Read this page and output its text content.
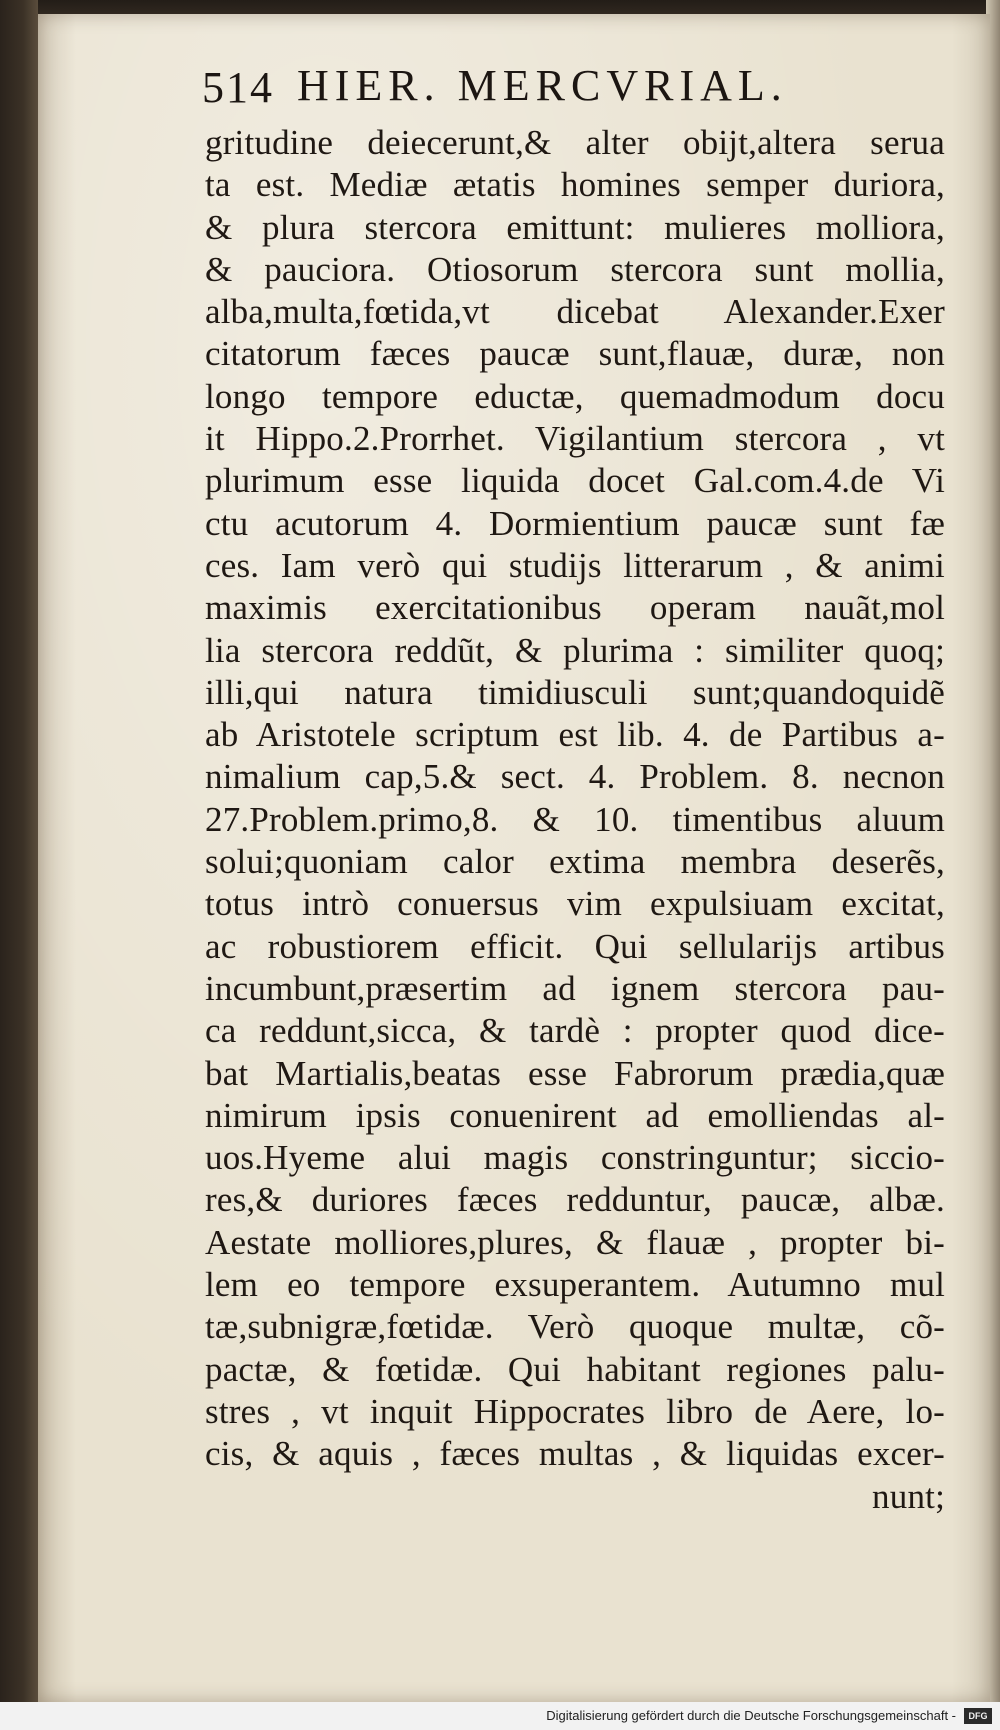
514 HIER. MERCVRIAL.
gritudine deiecerunt,& alter obijt,altera serua
ta est. Mediæ ætatis homines semper duriora,
& plura stercora emittunt: mulieres molliora,
& pauciora. Otiosorum stercora sunt mollia,
alba,multa,fœtida,vt dicebat Alexander.Exer
citatorum fæces paucæ sunt,flauæ, duræ, non
longo tempore eductæ, quemadmodum docu
it Hippo.2.Prorrhet. Vigilantium stercora , vt
plurimum esse liquida docet Gal.com.4.de Vi
ctu acutorum 4. Dormientium paucæ sunt fæ
ces. Iam verò qui studijs litterarum , & animi
maximis exercitationibus operam nauãt,mol
lia stercora reddũt, & plurima : similiter quoq;
illi,qui natura timidiusculi sunt;quandoquidẽ
ab Aristotele scriptum est lib. 4. de Partibus a-
nimalium cap,5.& sect. 4. Problem. 8. necnon
27.Problem.primo,8. & 10. timentibus aluum
solui;quoniam calor extima membra deserẽs,
totus intrò conuersus vim expulsiuam excitat,
ac robustiorem efficit. Qui sellularijs artibus
incumbunt,præsertim ad ignem stercora pau-
ca reddunt,sicca, & tardè : propter quod dice-
bat Martialis,beatas esse Fabrorum prædia,quæ
nimirum ipsis conuenirent ad emolliendas al-
uos.Hyeme alui magis constringuntur; siccio-
res,& duriores fæces redduntur, paucæ, albæ.
Aestate molliores,plures, & flauæ , propter bi-
lem eo tempore exsuperantem. Autumno mul
tæ,subnigræ,fœtidæ. Verò quoque multæ, cõ-
pactæ, & fœtidæ. Qui habitant regiones palu-
stres , vt inquit Hippocrates libro de Aere, lo-
cis, & aquis , fæces multas , & liquidas excer-
nunt;
Digitalisierung gefördert durch die Deutsche Forschungsgemeinschaft -	DFG
